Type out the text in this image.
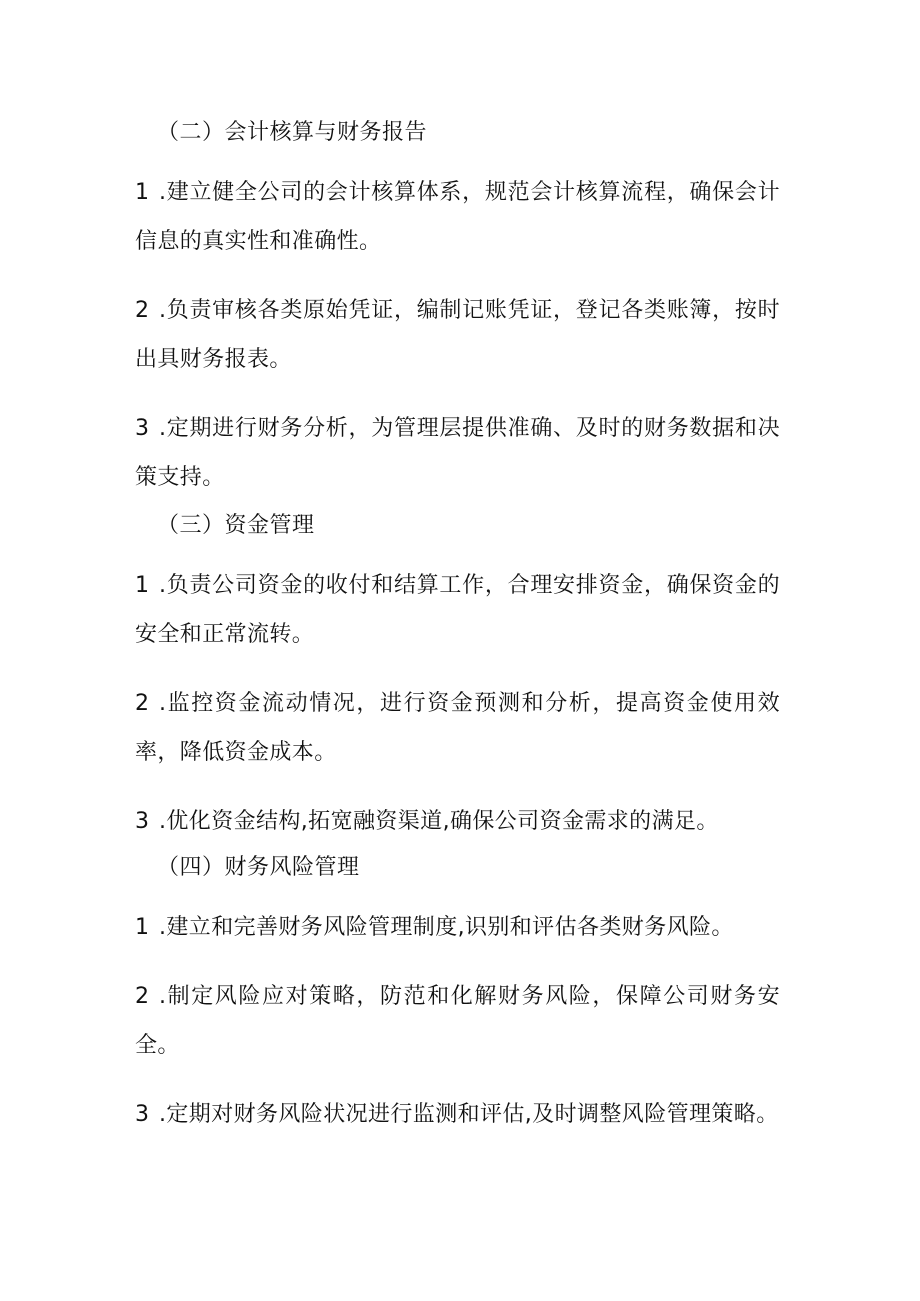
（二）会计核算与财务报告

1 .建立健全公司的会计核算体系，规范会计核算流程，确保会计信息的真实性和准确性。

2 .负责审核各类原始凭证，编制记账凭证，登记各类账簿，按时出具财务报表。

3 .定期进行财务分析，为管理层提供准确、及时的财务数据和决策支持。

（三）资金管理

1 .负责公司资金的收付和结算工作，合理安排资金，确保资金的安全和正常流转。

2 .监控资金流动情况，进行资金预测和分析，提高资金使用效率，降低资金成本。

3 .优化资金结构,拓宽融资渠道,确保公司资金需求的满足。

（四）财务风险管理

1 .建立和完善财务风险管理制度,识别和评估各类财务风险。

2 .制定风险应对策略，防范和化解财务风险，保障公司财务安全。

3 .定期对财务风险状况进行监测和评估,及时调整风险管理策略。
